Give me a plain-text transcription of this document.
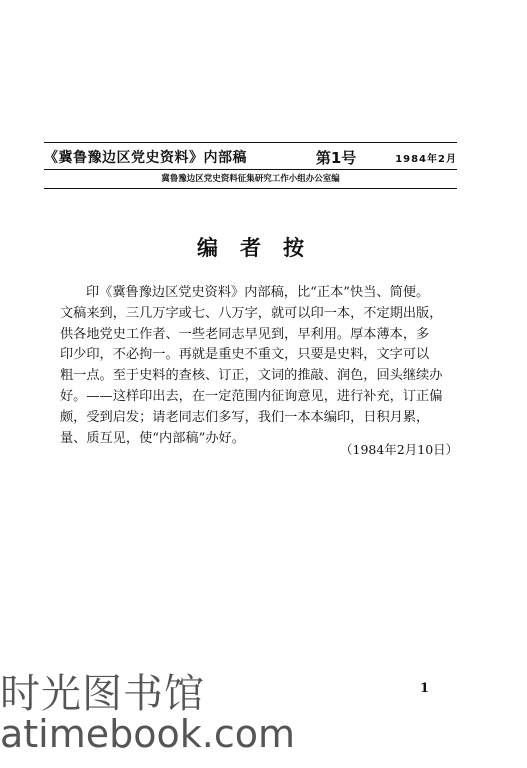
《冀鲁豫边区党史资料》内部稿	第1号	1984年2月
冀鲁豫边区党史资料征集研究工作小组办公室编
编者按

印《冀鲁豫边区党史资料》内部稿，比“正本”快当、简便。

文稿来到，三几万字或七、八万字，就可以印一本，不定期出版，

供各地党史工作者、一些老同志早见到，早利用。厚本薄本，多

印少印，不必拘一。再就是重史不重文，只要是史料，文字可以

粗一点。至于史料的查核、订正，文词的推敲、润色，回头继续办

好。——这样印出去，在一定范围内征询意见，进行补充，订正偏

颇，受到启发；请老同志们多写，我们一本本编印，日积月累，

量、质互见，使“内部稿”办好。

（1984年2月10日）
1
时光图书馆
atimebook.com
